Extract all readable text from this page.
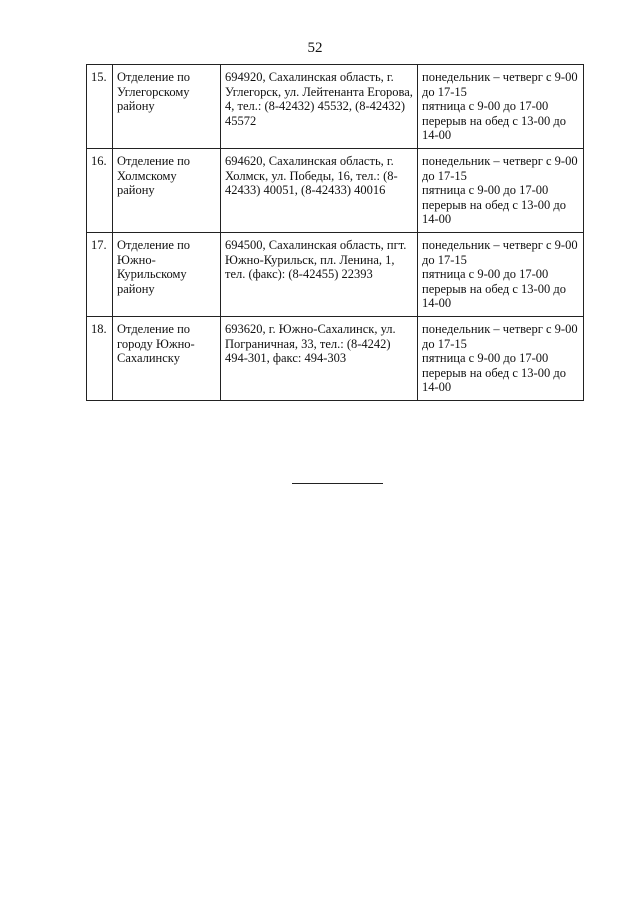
52
15.	Отделение по Углегорскому району	694920, Сахалинская область, г. Углегорск, ул. Лейтенанта Егорова, 4, тел.: (8-42432) 45532, (8-42432) 45572	понедельник – четверг с 9-00 до 17-15
пятница с 9-00 до 17-00
перерыв на обед с 13-00 до 14-00

16.	Отделение по Холмскому району	694620, Сахалинская область, г. Холмск, ул. Победы, 16, тел.: (8-42433) 40051, (8-42433) 40016	понедельник – четверг с 9-00 до 17-15
пятница с 9-00 до 17-00
перерыв на обед с 13-00 до 14-00

17.	Отделение по Южно-Курильскому району	694500, Сахалинская область, пгт. Южно-Курильск, пл. Ленина, 1, тел. (факс): (8-42455) 22393	понедельник – четверг с 9-00 до 17-15
пятница с 9-00 до 17-00
перерыв на обед с 13-00 до 14-00

18.	Отделение по городу Южно-Сахалинску	693620, г. Южно-Сахалинск, ул. Пограничная, 33, тел.: (8-4242) 494-301, факс: 494-303	понедельник – четверг с 9-00 до 17-15
пятница с 9-00 до 17-00
перерыв на обед с 13-00 до 14-00
